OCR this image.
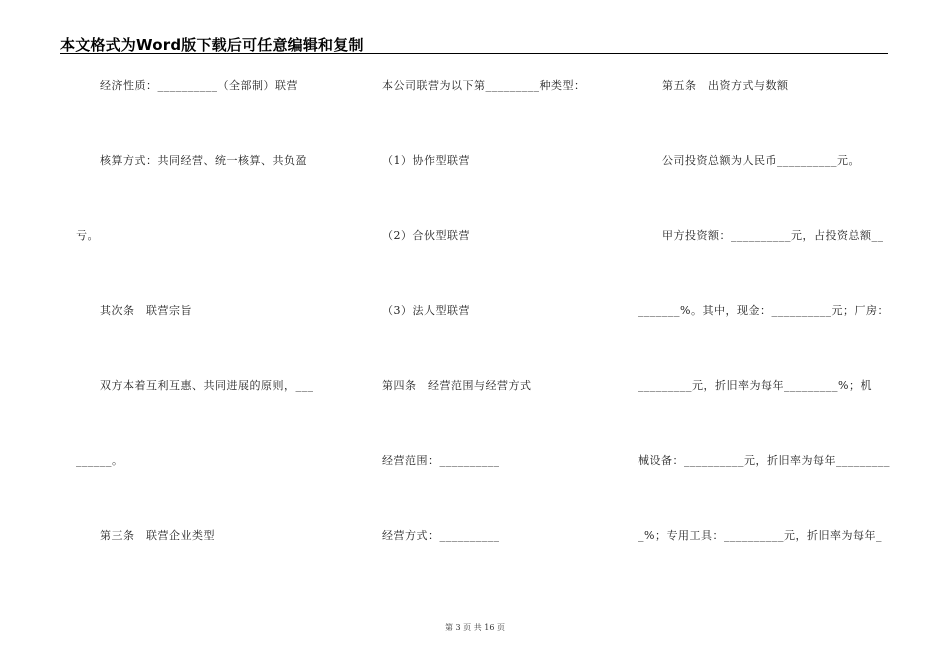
本文格式为Word版下载后可任意编辑和复制
经济性质：__________（全部制）联营
核算方式：共同经营、统一核算、共负盈
亏。
其次条　联营宗旨
双方本着互利互惠、共同进展的原则，___
______。
第三条　联营企业类型
本公司联营为以下第_________种类型：
（1）协作型联营
（2）合伙型联营
（3）法人型联营
第四条　经营范围与经营方式
经营范围：__________
经营方式：__________
第五条　出资方式与数额
公司投资总额为人民币__________元。
甲方投资额：__________元，占投资总额__
_______%。其中，现金：__________元；厂房：
_________元，折旧率为每年_________%；机
械设备：__________元，折旧率为每年_________
_%；专用工具：__________元，折旧率为每年_
第 3 页 共 16 页
